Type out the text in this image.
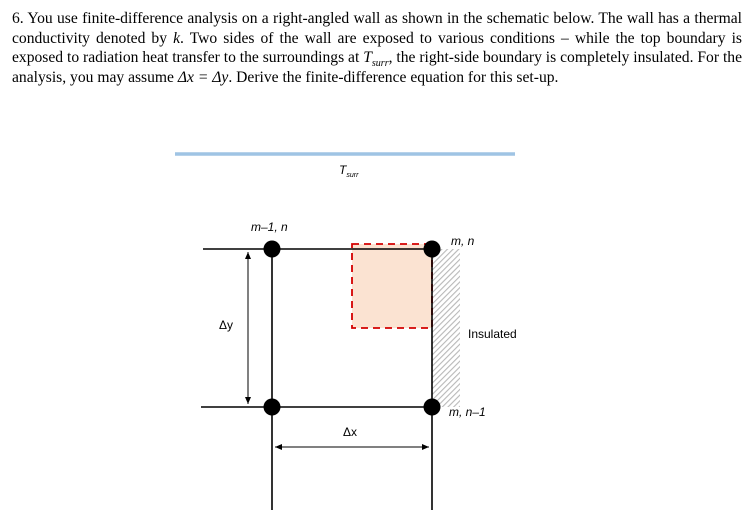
6. You use finite-difference analysis on a right-angled wall as shown in the schematic below. The wall has a thermal conductivity denoted by k. Two sides of the wall are exposed to various conditions – while the top boundary is exposed to radiation heat transfer to the surroundings at $T_{surr}$, the right-side boundary is completely insulated. For the analysis, you may assume Δx = Δy. Derive the finite-difference equation for this set-up.

$T_{surr}$
Δy
Δx
m–1, n
m, n
m, n–1
Insulated
